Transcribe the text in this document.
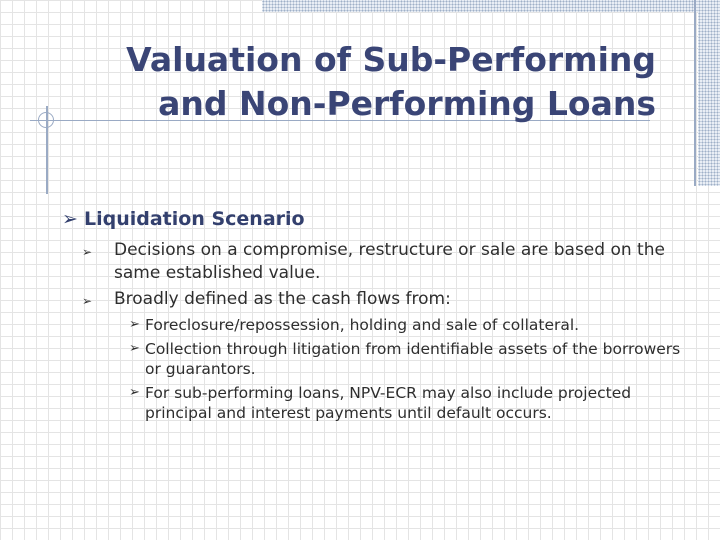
Valuation of Sub-Performing
and Non-Performing Loans
➢ Liquidation Scenario
➢ Decisions on a compromise, restructure or sale are based on the same established value.
➢ Broadly defined as the cash flows from:
➢ Foreclosure/repossession, holding and sale of collateral.
➢ Collection through litigation from identifiable assets of the borrowers or guarantors.
➢ For sub-performing loans, NPV-ECR may also include projected principal and interest payments until default occurs.
